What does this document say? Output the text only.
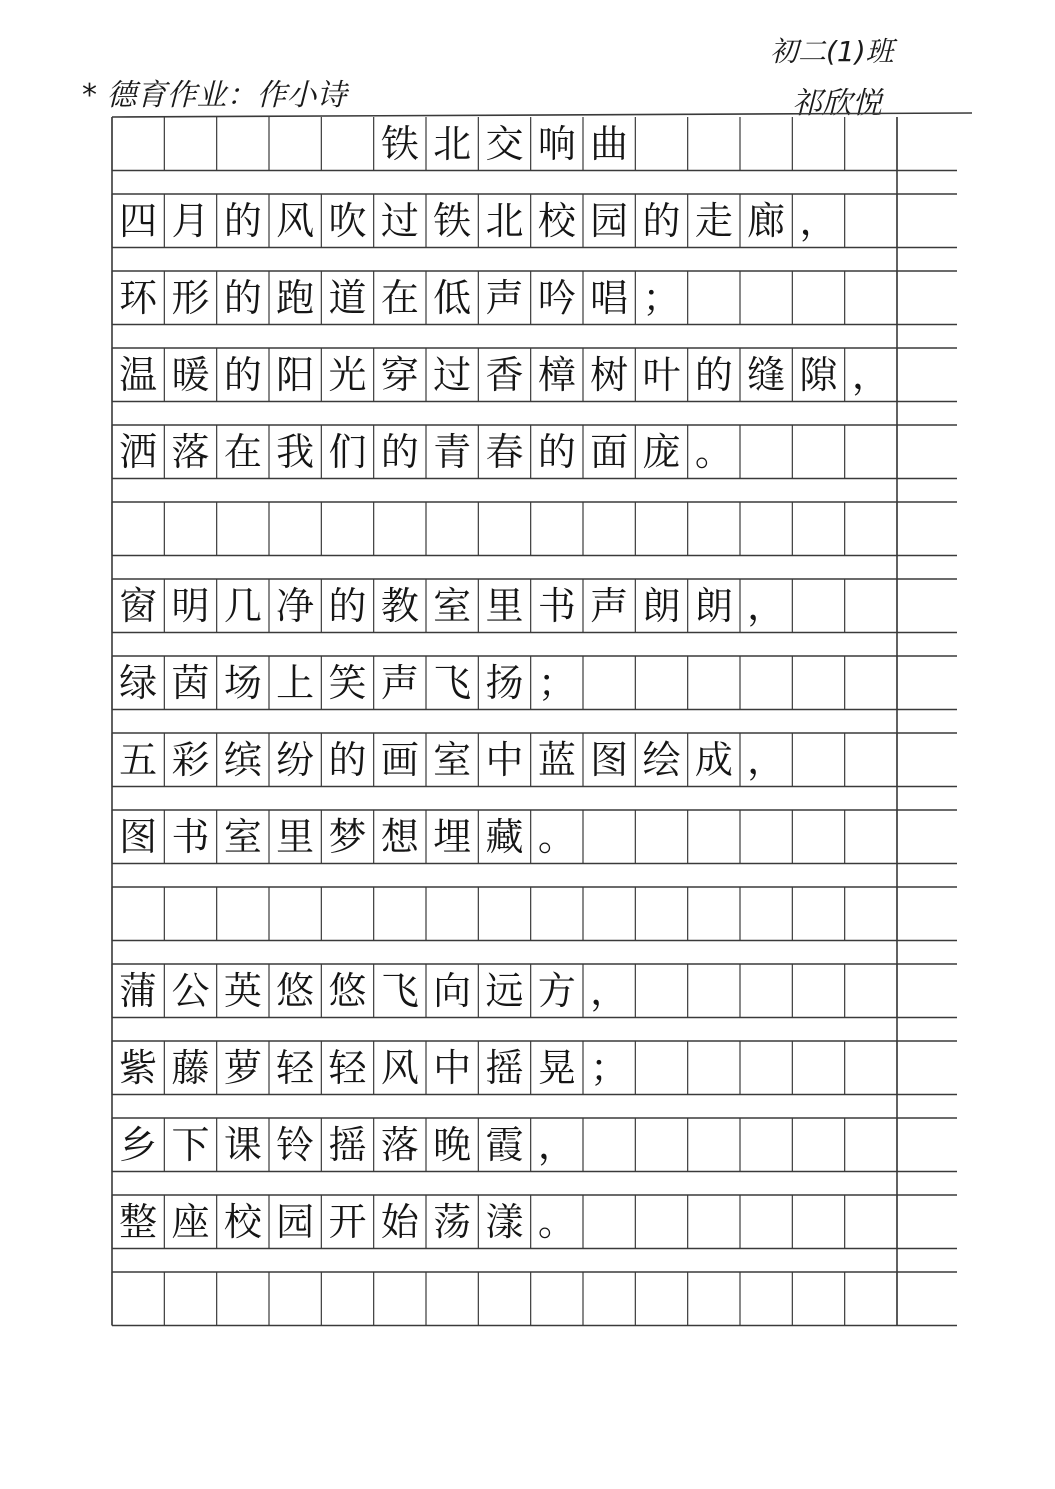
* 德育作业：作小诗
初二(1)班
祁欣悦
铁 北 交 响 曲
四 月 的 风 吹 过 铁 北 校 园 的 走 廊 ，
环 形 的 跑 道 在 低 声 吟 唱 ；
温 暖 的 阳 光 穿 过 香 樟 树 叶 的 缝 隙 ，
洒 落 在 我 们 的 青 春 的 面 庞 。
窗 明 几 净 的 教 室 里 书 声 朗 朗 ，
绿 茵 场 上 笑 声 飞 扬 ；
五 彩 缤 纷 的 画 室 中 蓝 图 绘 成 ，
图 书 室 里 梦 想 埋 藏 。
蒲 公 英 悠 悠 飞 向 远 方 ，
紫 藤 萝 轻 轻 风 中 摇 晃 ；
乡 下 课 铃 摇 落 晚 霞 ，
整 座 校 园 开 始 荡 漾 。
